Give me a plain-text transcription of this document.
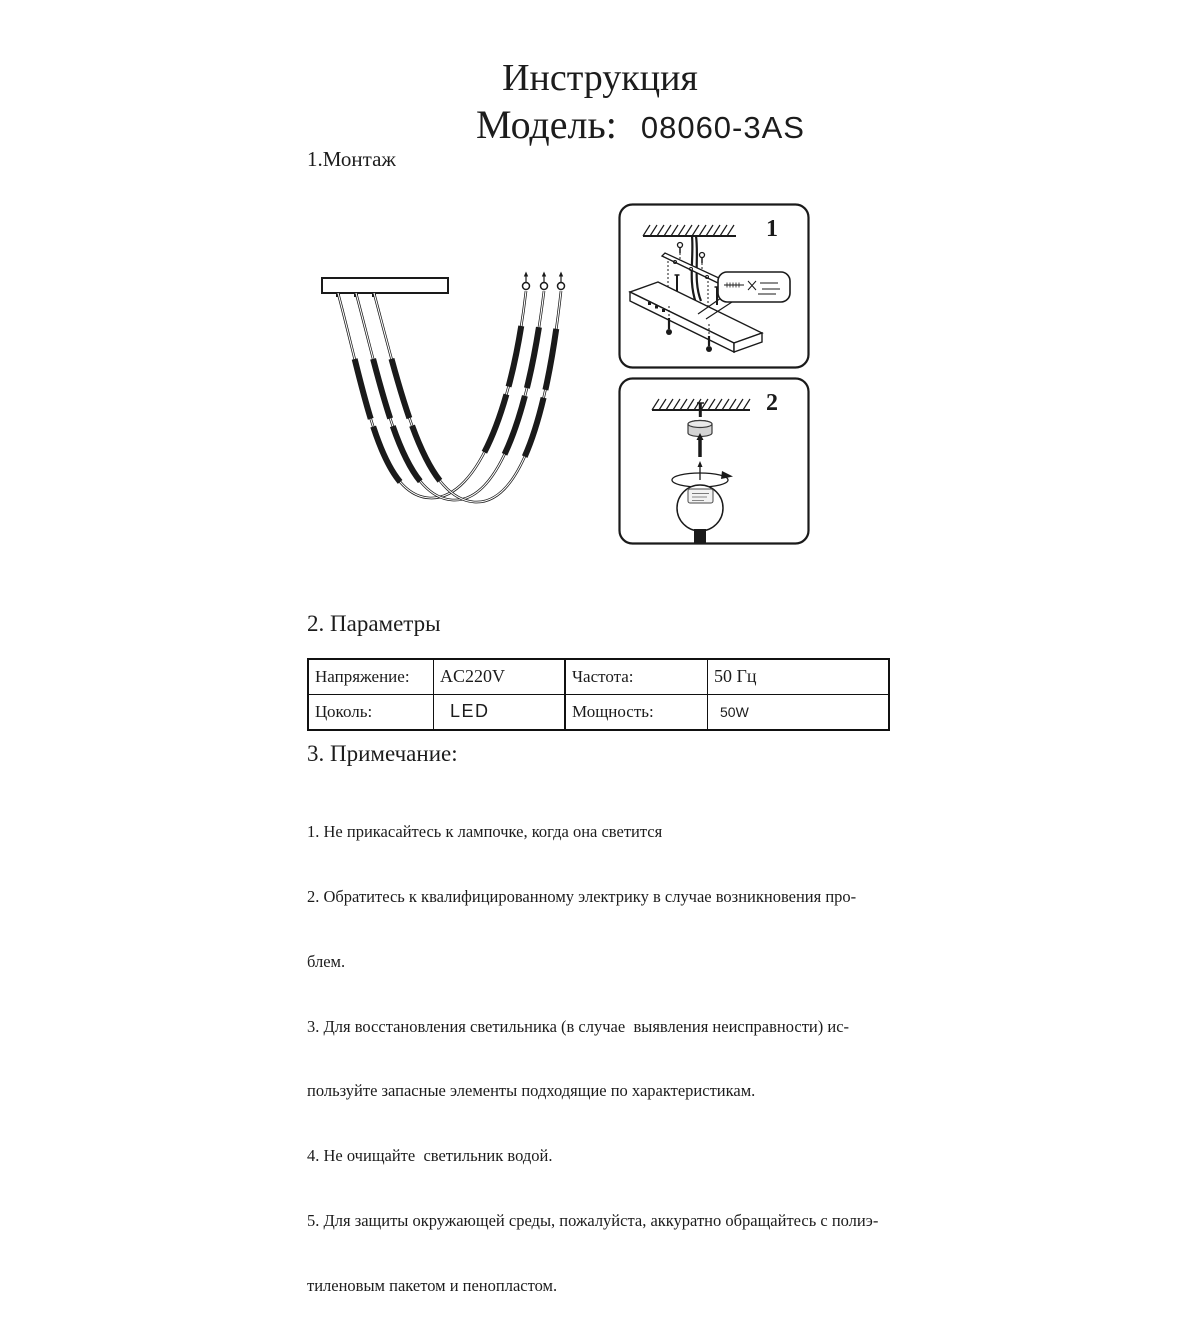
Инструкция
Модель: 08060-3AS
1.Монтаж
1
2
2. Параметры
Напряжение:	AC220V	Частота:	50 Гц
Цоколь:	LED	Мощность:	50W
3. Примечание:

1. Не прикасайтесь к лампочке, когда она светится

2. Обратитесь к квалифицированному электрику в случае возникновения про-

блем.

3. Для восстановления светильника (в случае  выявления неисправности) ис-

пользуйте запасные элементы подходящие по характеристикам.

4. Не очищайте  светильник водой.

5. Для защиты окружающей среды, пожалуйста, аккуратно обращайтесь с полиэ-

тиленовым пакетом и пенопластом.
